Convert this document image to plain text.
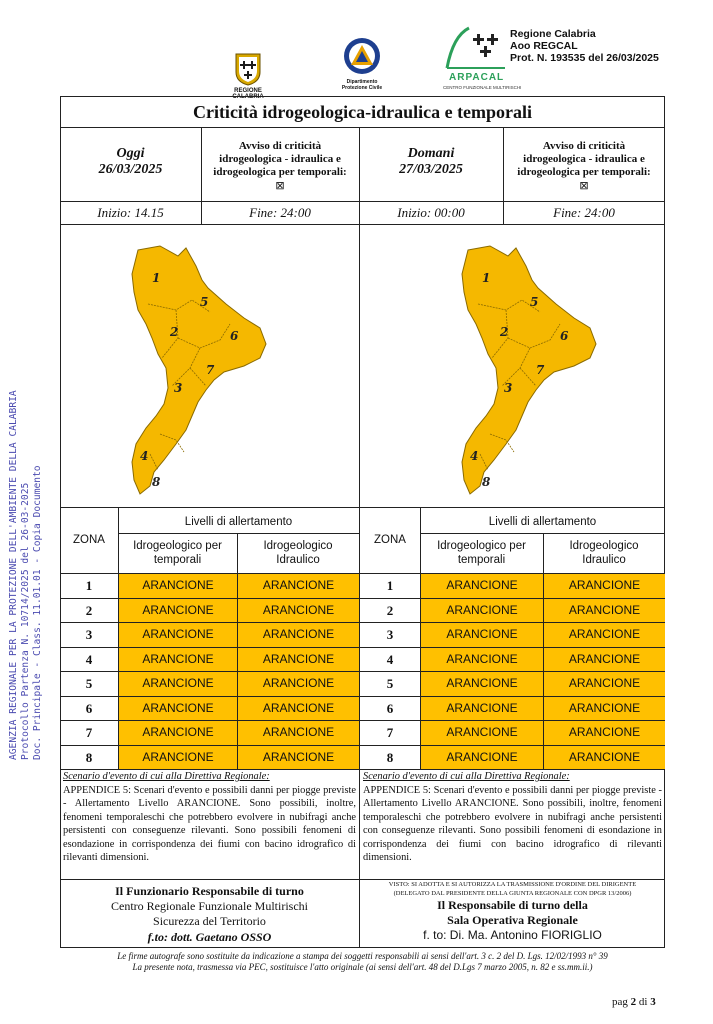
REGIONE CALABRIA
Dipartimento
Protezione Civile
ARPACAL
CENTRO FUNZIONALE MULTIRISCHI
Regione Calabria
Aoo REGCAL
Prot. N. 193535 del 26/03/2025
AGENZIA REGIONALE PER LA PROTEZIONE DELL'AMBIENTE DELLA CALABRIA Protocollo Partenza N. 10714/2025 del 26-03-2025 Doc. Principale - Class. 11.01.01 - Copia Documento
Criticità idrogeologica-idraulica e temporali
Oggi
26/03/2025
Avviso di criticità
idrogeologica - idraulica e
idrogeologica per temporali:
⊠
Inizio: 14.15	Fine: 24:00
Domani
27/03/2025
Avviso di criticità
idrogeologica - idraulica e
idrogeologica per temporali:
⊠
Inizio: 00:00	Fine: 24:00
1
5
2	6
7
3
4
8
1
5
2	6
7
3
4
8
ZONA
Livelli di allertamento
Idrogeologico per
temporali
Idrogeologico
Idraulico
1	ARANCIONE	ARANCIONE
2	ARANCIONE	ARANCIONE
3	ARANCIONE	ARANCIONE
4	ARANCIONE	ARANCIONE
5	ARANCIONE	ARANCIONE
6	ARANCIONE	ARANCIONE
7	ARANCIONE	ARANCIONE
8	ARANCIONE	ARANCIONE
ZONA
Livelli di allertamento
Idrogeologico per
temporali
Idrogeologico
Idraulico
1	ARANCIONE	ARANCIONE
2	ARANCIONE	ARANCIONE
3	ARANCIONE	ARANCIONE
4	ARANCIONE	ARANCIONE
5	ARANCIONE	ARANCIONE
6	ARANCIONE	ARANCIONE
7	ARANCIONE	ARANCIONE
8	ARANCIONE	ARANCIONE
Scenario d'evento di cui alla Direttiva Regionale:
APPENDICE 5: Scenari d'evento e possibili danni per piogge previste - Allertamento Livello ARANCIONE. Sono possibili, inoltre, fenomeni temporaleschi che potrebbero evolvere in nubifragi anche persistenti con conseguenze rilevanti. Sono possibili fenomeni di esondazione in corrispondenza dei fiumi con bacino idrografico di rilevanti dimensioni.
Scenario d'evento di cui alla Direttiva Regionale:
APPENDICE 5: Scenari d'evento e possibili danni per piogge previste - Allertamento Livello ARANCIONE. Sono possibili, inoltre, fenomeni temporaleschi che potrebbero evolvere in nubifragi anche persistenti con conseguenze rilevanti. Sono possibili fenomeni di esondazione in corrispondenza dei fiumi con bacino idrografico di rilevanti dimensioni.
Il Funzionario Responsabile di turno
Centro Regionale Funzionale Multirischi
Sicurezza del Territorio
f.to: dott. Gaetano OSSO
VISTO: SI ADOTTA E SI AUTORIZZA LA TRASMISSIONE D'ORDINE DEL DIRIGENTE
(DELEGATO DAL PRESIDENTE DELLA GIUNTA REGIONALE CON DPGR 13/2006)
Il Responsabile di turno della
Sala Operativa Regionale
f. to: Di. Ma. Antonino FIORIGLIO
Le firme autografe sono sostituite da indicazione a stampa dei soggetti responsabili ai sensi dell'art. 3 c. 2 del D. Lgs. 12/02/1993 n° 39
La presente nota, trasmessa via PEC, sostituisce l'atto originale (ai sensi dell'art. 48 del D.Lgs 7 marzo 2005, n. 82 e ss.mm.ii.)
pag 2 di 3
